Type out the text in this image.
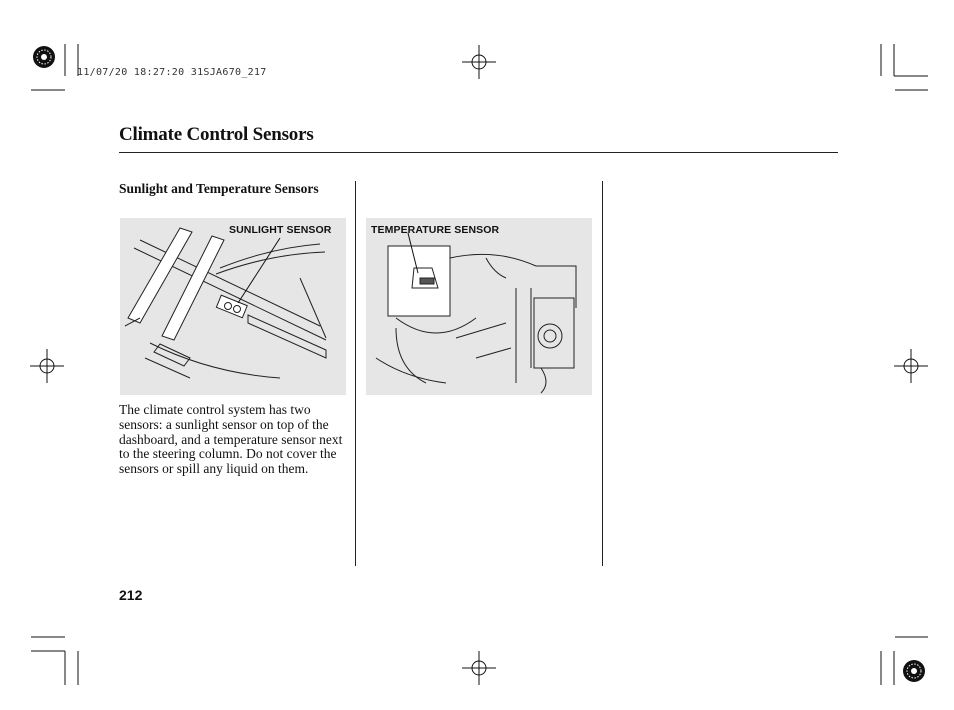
11/07/20 18:27:20 31SJA670_217
Climate Control Sensors
Sunlight and Temperature Sensors
SUNLIGHT SENSOR	TEMPERATURE SENSOR
The climate control system has two sensors: a sunlight sensor on top of the dashboard, and a temperature sensor next to the steering column. Do not cover the sensors or spill any liquid on them.
212
